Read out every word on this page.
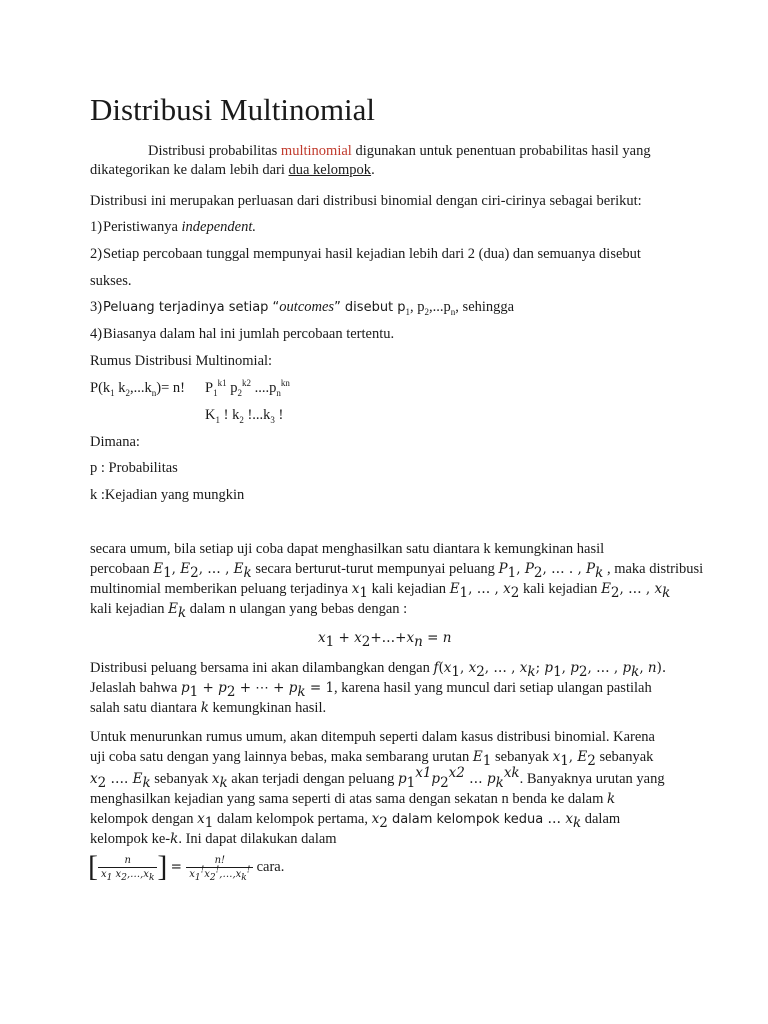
Distribusi Multinomial
Distribusi probabilitas multinomial digunakan untuk penentuan probabilitas hasil yang
dikategorikan ke dalam lebih dari dua kelompok.
Distribusi ini merupakan perluasan dari distribusi binomial dengan ciri-cirinya sebagai berikut:
1) Peristiwanya independent.
2) Setiap percobaan tunggal mempunyai hasil kejadian lebih dari 2 (dua) dan semuanya disebut
sukses.
3) Peluang terjadinya setiap “outcomes” disebut $p_1$, $p_2,...p_n$, sehingga
4) Biasanya dalam hal ini jumlah percobaan tertentu.
Rumus Distribusi Multinomial:
$P(k_1$ $k_2,...k_n)= n$! $P_1^{k1}$ $p_2^{k2}$ $....p_n^{kn}$
$K_1$ ! $k_2$ $!...k_3$ !
Dimana:
p : Probabilitas
k :Kejadian yang mungkin
secara umum, bila setiap uji coba dapat menghasilkan satu diantara k kemungkinan hasil
percobaan $E_1$, $E_2$, … , $E_k$ secara berturut-turut mempunyai peluang $P_1$, $P_2$, … . , $P_k$ , maka distribusi
multinomial memberikan peluang terjadinya $x_1$ kali kejadian $E_1$, … , $x_2$ kali kejadian $E_2$, … , $x_k$
kali kejadian $E_k$ dalam n ulangan yang bebas dengan :
$x_1$ + $x_2+\dots+x_n = n$
Distribusi peluang bersama ini akan dilambangkan dengan $f(x_1$, $x_2$, … , $x_k$; $p_1$, $p_2$, … , $p_k$, n).
Jelaslah bahwa $p_1 + p_2$ + ⋯ + $p_k = 1$, karena hasil yang muncul dari setiap ulangan pastilah
salah satu diantara k kemungkinan hasil.
Untuk menurunkan rumus umum, akan ditempuh seperti dalam kasus distribusi binomial. Karena
uji coba satu dengan yang lainnya bebas, maka sembarang urutan $E_1$ sebanyak $x_1$, $E_2$ sebanyak
$x_2$ …. $E_k$ sebanyak $x_k$ akan terjadi dengan peluang $p_1^{x1}p_2^{x2}$ … $p_k^{xk}$. Banyaknya urutan yang
menghasilkan kejadian yang sama seperti di atas sama dengan sekatan n benda ke dalam k
kelompok dengan $x_1$ dalam kelompok pertama, $x_2$ dalam kelompok kedua … $x_k$ dalam
kelompok ke-k. Ini dapat dilakukan dalam
[ $\frac{n}{x_1 x_2,\dots,x_k}$ ] = $\frac{n!}{x_1^!x_2^!,\dots,x_k^!}$ cara.
